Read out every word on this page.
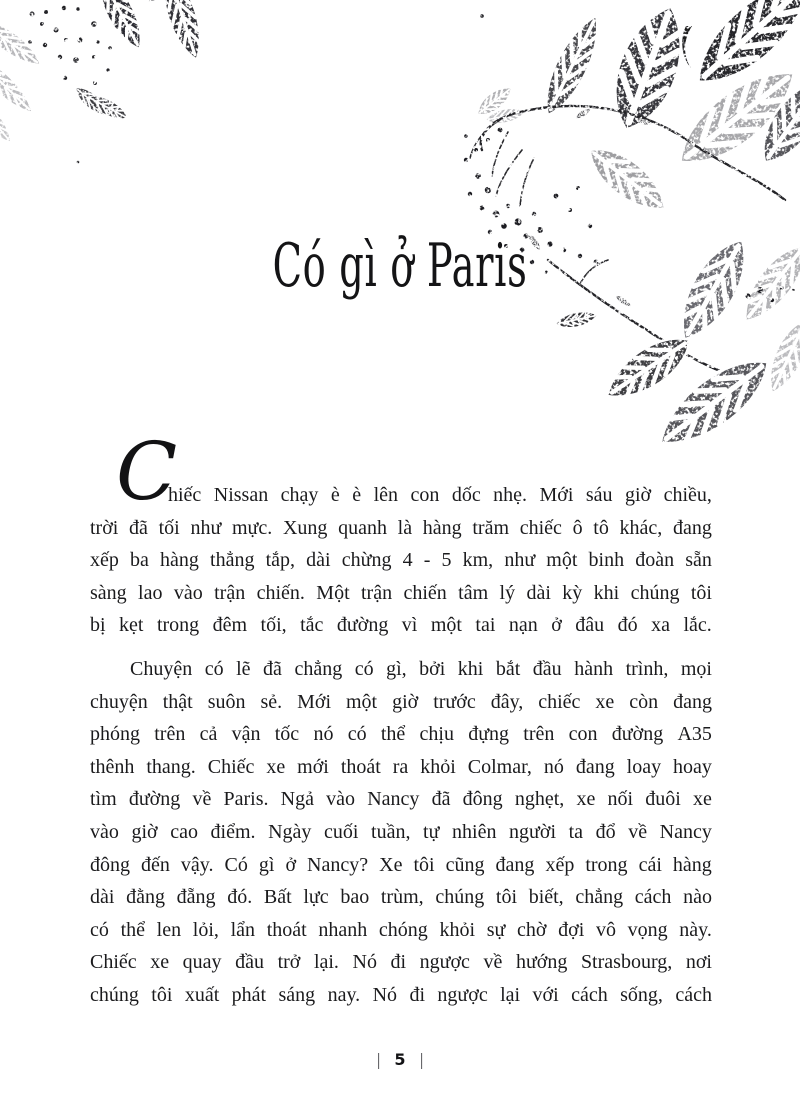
Có gì ở Paris
C
hiếc Nissan chạy è è lên con dốc nhẹ. Mới sáu giờ chiều,
trời đã tối như mực. Xung quanh là hàng trăm chiếc ô tô khác, đang
xếp ba hàng thẳng tắp, dài chừng 4 - 5 km, như một binh đoàn sẵn
sàng lao vào trận chiến. Một trận chiến tâm lý dài kỳ khi chúng tôi
bị kẹt trong đêm tối, tắc đường vì một tai nạn ở đâu đó xa lắc.
Chuyện có lẽ đã chẳng có gì, bởi khi bắt đầu hành trình, mọi
chuyện thật suôn sẻ. Mới một giờ trước đây, chiếc xe còn đang
phóng trên cả vận tốc nó có thể chịu đựng trên con đường A35
thênh thang. Chiếc xe mới thoát ra khỏi Colmar, nó đang loay hoay
tìm đường về Paris. Ngả vào Nancy đã đông nghẹt, xe nối đuôi xe
vào giờ cao điểm. Ngày cuối tuần, tự nhiên người ta đổ về Nancy
đông đến vậy. Có gì ở Nancy? Xe tôi cũng đang xếp trong cái hàng
dài đằng đẵng đó. Bất lực bao trùm, chúng tôi biết, chẳng cách nào
có thể len lỏi, lẩn thoát nhanh chóng khỏi sự chờ đợi vô vọng này.
Chiếc xe quay đầu trở lại. Nó đi ngược về hướng Strasbourg, nơi
chúng tôi xuất phát sáng nay. Nó đi ngược lại với cách sống, cách
| 5 |
